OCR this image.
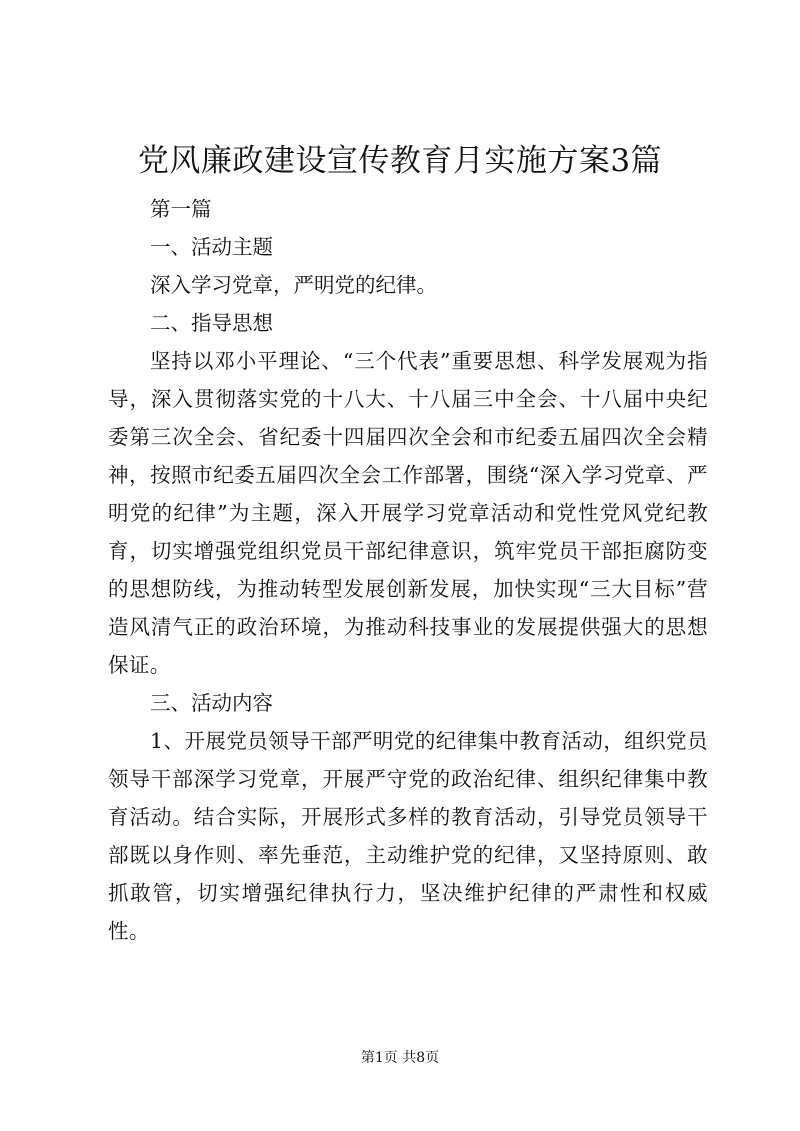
党风廉政建设宣传教育月实施方案3篇

第一篇

一、活动主题

深入学习党章，严明党的纪律。

二、指导思想

坚持以邓小平理论、“三个代表”重要思想、科学发展观为指导，深入贯彻落实党的十八大、十八届三中全会、十八届中央纪委第三次全会、省纪委十四届四次全会和市纪委五届四次全会精神，按照市纪委五届四次全会工作部署，围绕“深入学习党章、严明党的纪律”为主题，深入开展学习党章活动和党性党风党纪教育，切实增强党组织党员干部纪律意识，筑牢党员干部拒腐防变的思想防线，为推动转型发展创新发展，加快实现“三大目标”营造风清气正的政治环境，为推动科技事业的发展提供强大的思想保证。

三、活动内容

1、开展党员领导干部严明党的纪律集中教育活动，组织党员领导干部深学习党章，开展严守党的政治纪律、组织纪律集中教育活动。结合实际，开展形式多样的教育活动，引导党员领导干部既以身作则、率先垂范，主动维护党的纪律，又坚持原则、敢抓敢管，切实增强纪律执行力，坚决维护纪律的严肃性和权威性。

第1页 共8页
